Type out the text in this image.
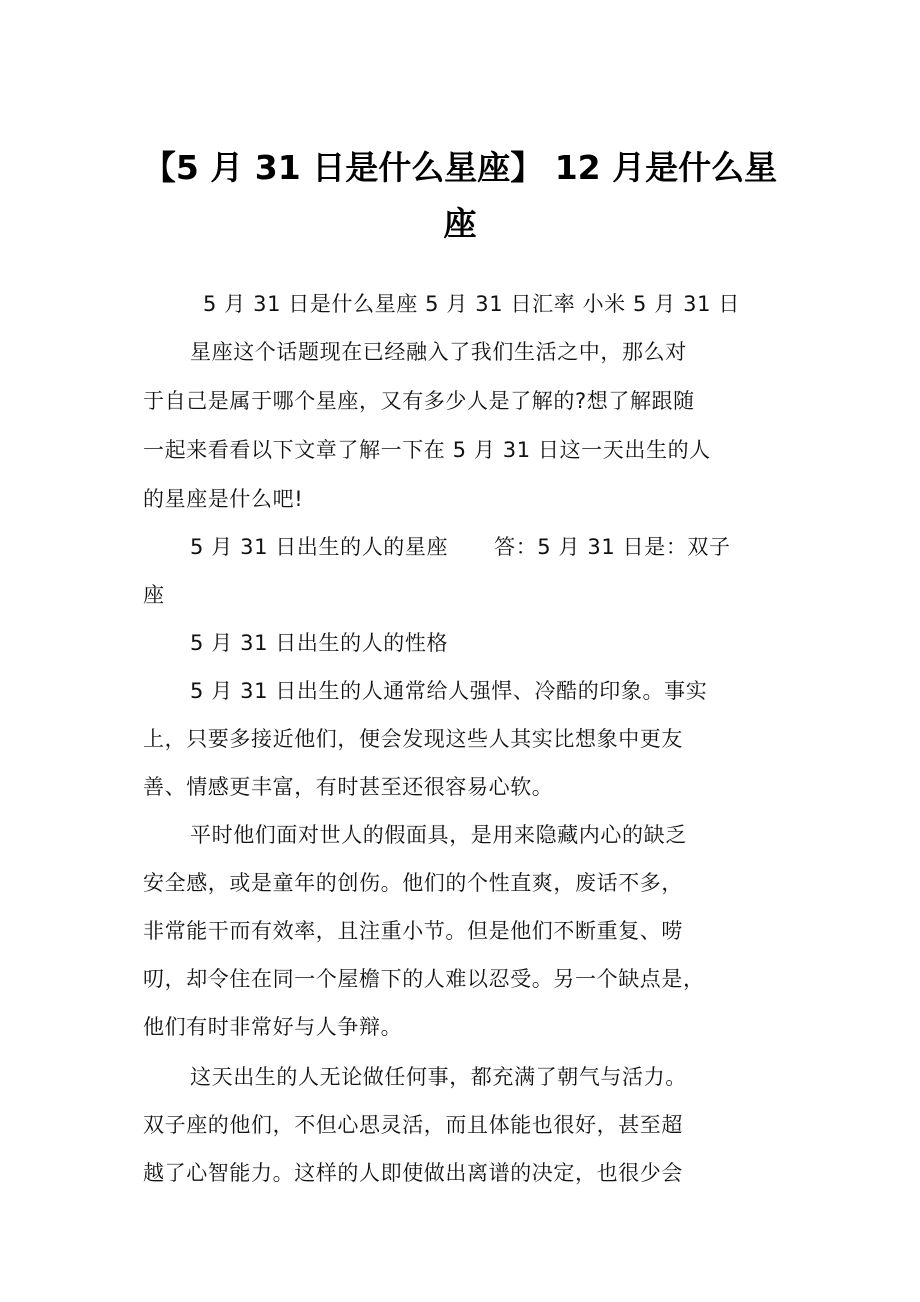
【5 月 31 日是什么星座】 12 月是什么星
座
5 月 31 日是什么星座 5 月 31 日汇率 小米 5 月 31 日
星座这个话题现在已经融入了我们生活之中，那么对
于自己是属于哪个星座，又有多少人是了解的?想了解跟随
一起来看看以下文章了解一下在 5 月 31 日这一天出生的人
的星座是什么吧!
5 月 31 日出生的人的星座 答：5 月 31 日是：双子
座
5 月 31 日出生的人的性格
5 月 31 日出生的人通常给人强悍、冷酷的印象。事实
上，只要多接近他们，便会发现这些人其实比想象中更友
善、情感更丰富，有时甚至还很容易心软。
平时他们面对世人的假面具，是用来隐藏内心的缺乏
安全感，或是童年的创伤。他们的个性直爽，废话不多，
非常能干而有效率，且注重小节。但是他们不断重复、唠
叨，却令住在同一个屋檐下的人难以忍受。另一个缺点是，
他们有时非常好与人争辩。
这天出生的人无论做任何事，都充满了朝气与活力。
双子座的他们，不但心思灵活，而且体能也很好，甚至超
越了心智能力。这样的人即使做出离谱的决定，也很少会
